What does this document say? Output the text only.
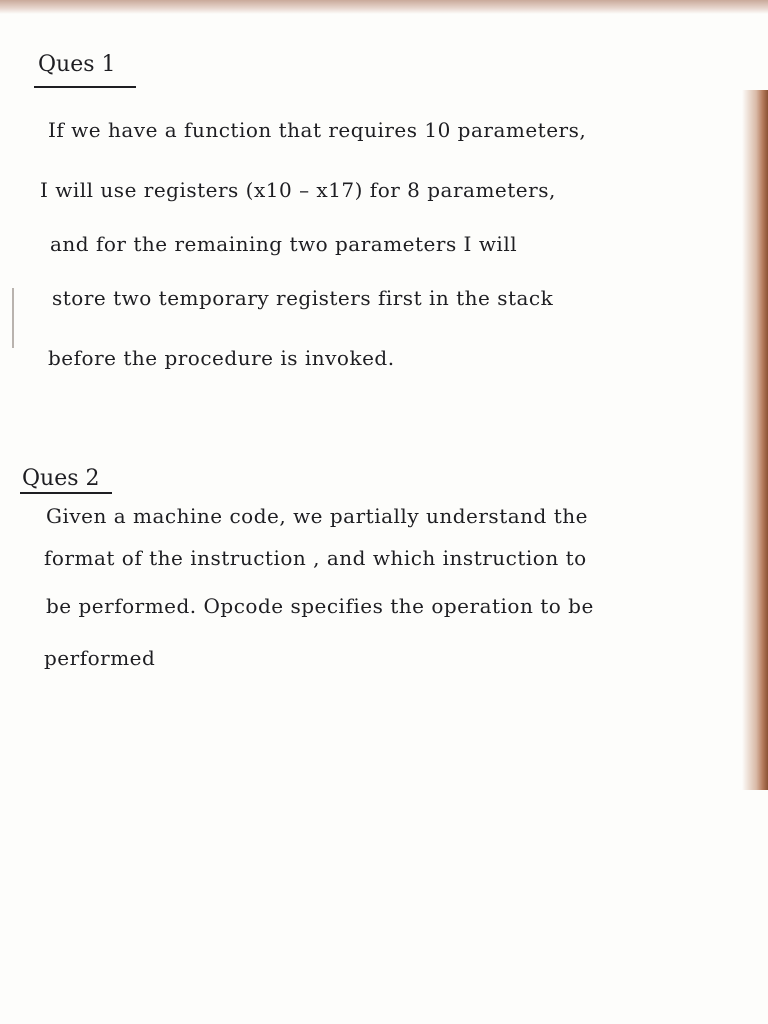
Ques 1
If we have a function that requires 10 parameters,
I will use registers (x10 – x17) for 8 parameters,
and for the remaining two parameters I will
store two temporary registers first in the stack
before the procedure is invoked.
Ques 2
Given a machine code, we partially understand the
format of the instruction , and which instruction to
be performed. Opcode specifies the operation to be
performed
